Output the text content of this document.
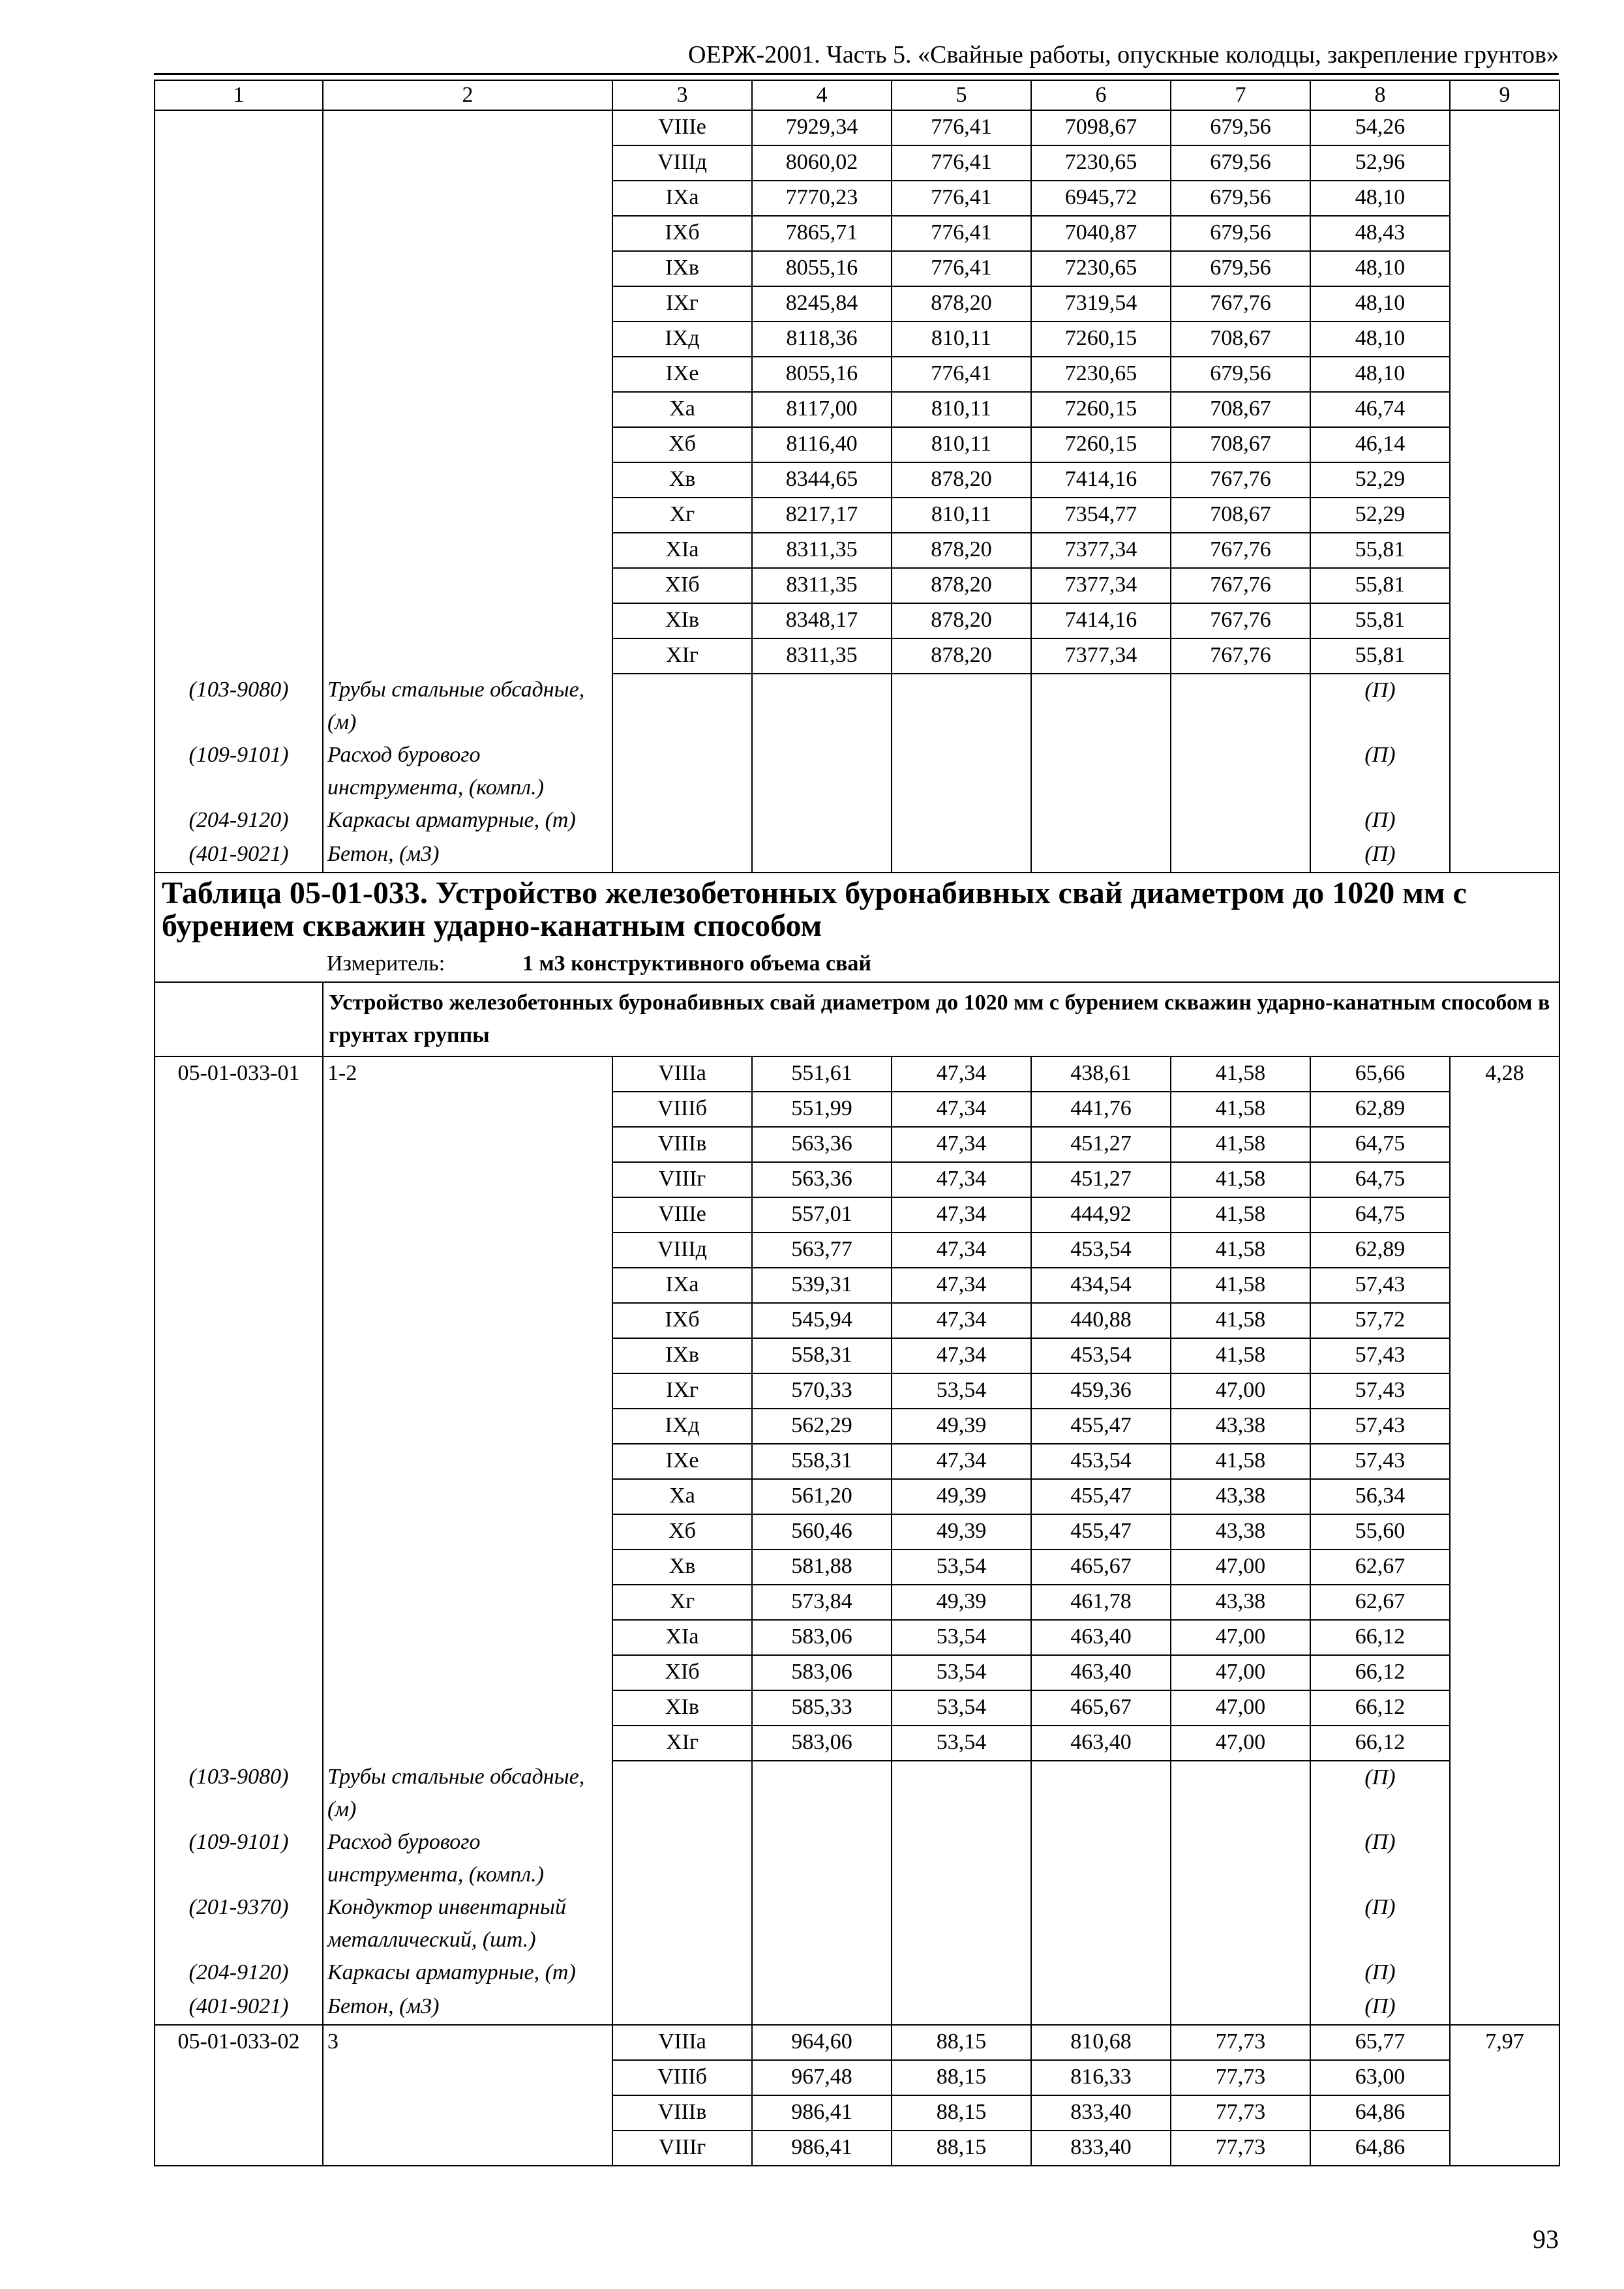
ОЕРЖ-2001. Часть 5. «Свайные работы, опускные колодцы, закрепление грунтов»
1	2	3	4	5	6	7	8	9
		VIIIе	7929,34	776,41	7098,67	679,56	54,26	
		VIIIд	8060,02	776,41	7230,65	679,56	52,96	
		IXа	7770,23	776,41	6945,72	679,56	48,10	
		IXб	7865,71	776,41	7040,87	679,56	48,43	
		IXв	8055,16	776,41	7230,65	679,56	48,10	
		IXг	8245,84	878,20	7319,54	767,76	48,10	
		IXд	8118,36	810,11	7260,15	708,67	48,10	
		IXе	8055,16	776,41	7230,65	679,56	48,10	
		Xа	8117,00	810,11	7260,15	708,67	46,74	
		Xб	8116,40	810,11	7260,15	708,67	46,14	
		Xв	8344,65	878,20	7414,16	767,76	52,29	
		Xг	8217,17	810,11	7354,77	708,67	52,29	
		XIа	8311,35	878,20	7377,34	767,76	55,81	
		XIб	8311,35	878,20	7377,34	767,76	55,81	
		XIв	8348,17	878,20	7414,16	767,76	55,81	
		XIг	8311,35	878,20	7377,34	767,76	55,81	
(103-9080)	Трубы стальные обсадные, (м)						(П)	
(109-9101)	Расход бурового инструмента, (компл.)						(П)	
(204-9120)	Каркасы арматурные, (т)						(П)	
(401-9021)	Бетон, (м3)						(П)	
Таблица 05-01-033. Устройство железобетонных буронабивных свай диаметром до 1020 мм с бурением скважин ударно-канатным способом								
	Измеритель: 1 м3 конструктивного объема свай							
	Устройство железобетонных буронабивных свай диаметром до 1020 мм с бурением скважин ударно-канатным способом в грунтах группы							
05-01-033-01	1-2	VIIIа	551,61	47,34	438,61	41,58	65,66	4,28
		VIIIб	551,99	47,34	441,76	41,58	62,89	
		VIIIв	563,36	47,34	451,27	41,58	64,75	
		VIIIг	563,36	47,34	451,27	41,58	64,75	
		VIIIе	557,01	47,34	444,92	41,58	64,75	
		VIIIд	563,77	47,34	453,54	41,58	62,89	
		IXа	539,31	47,34	434,54	41,58	57,43	
		IXб	545,94	47,34	440,88	41,58	57,72	
		IXв	558,31	47,34	453,54	41,58	57,43	
		IXг	570,33	53,54	459,36	47,00	57,43	
		IXд	562,29	49,39	455,47	43,38	57,43	
		IXе	558,31	47,34	453,54	41,58	57,43	
		Xа	561,20	49,39	455,47	43,38	56,34	
		Xб	560,46	49,39	455,47	43,38	55,60	
		Xв	581,88	53,54	465,67	47,00	62,67	
		Xг	573,84	49,39	461,78	43,38	62,67	
		XIа	583,06	53,54	463,40	47,00	66,12	
		XIб	583,06	53,54	463,40	47,00	66,12	
		XIв	585,33	53,54	465,67	47,00	66,12	
		XIг	583,06	53,54	463,40	47,00	66,12	
(103-9080)	Трубы стальные обсадные, (м)						(П)	
(109-9101)	Расход бурового инструмента, (компл.)						(П)	
(201-9370)	Кондуктор инвентарный металлический, (шт.)						(П)	
(204-9120)	Каркасы арматурные, (т)						(П)	
(401-9021)	Бетон, (м3)						(П)	
05-01-033-02	3	VIIIа	964,60	88,15	810,68	77,73	65,77	7,97
		VIIIб	967,48	88,15	816,33	77,73	63,00	
		VIIIв	986,41	88,15	833,40	77,73	64,86	
		VIIIг	986,41	88,15	833,40	77,73	64,86	
93
